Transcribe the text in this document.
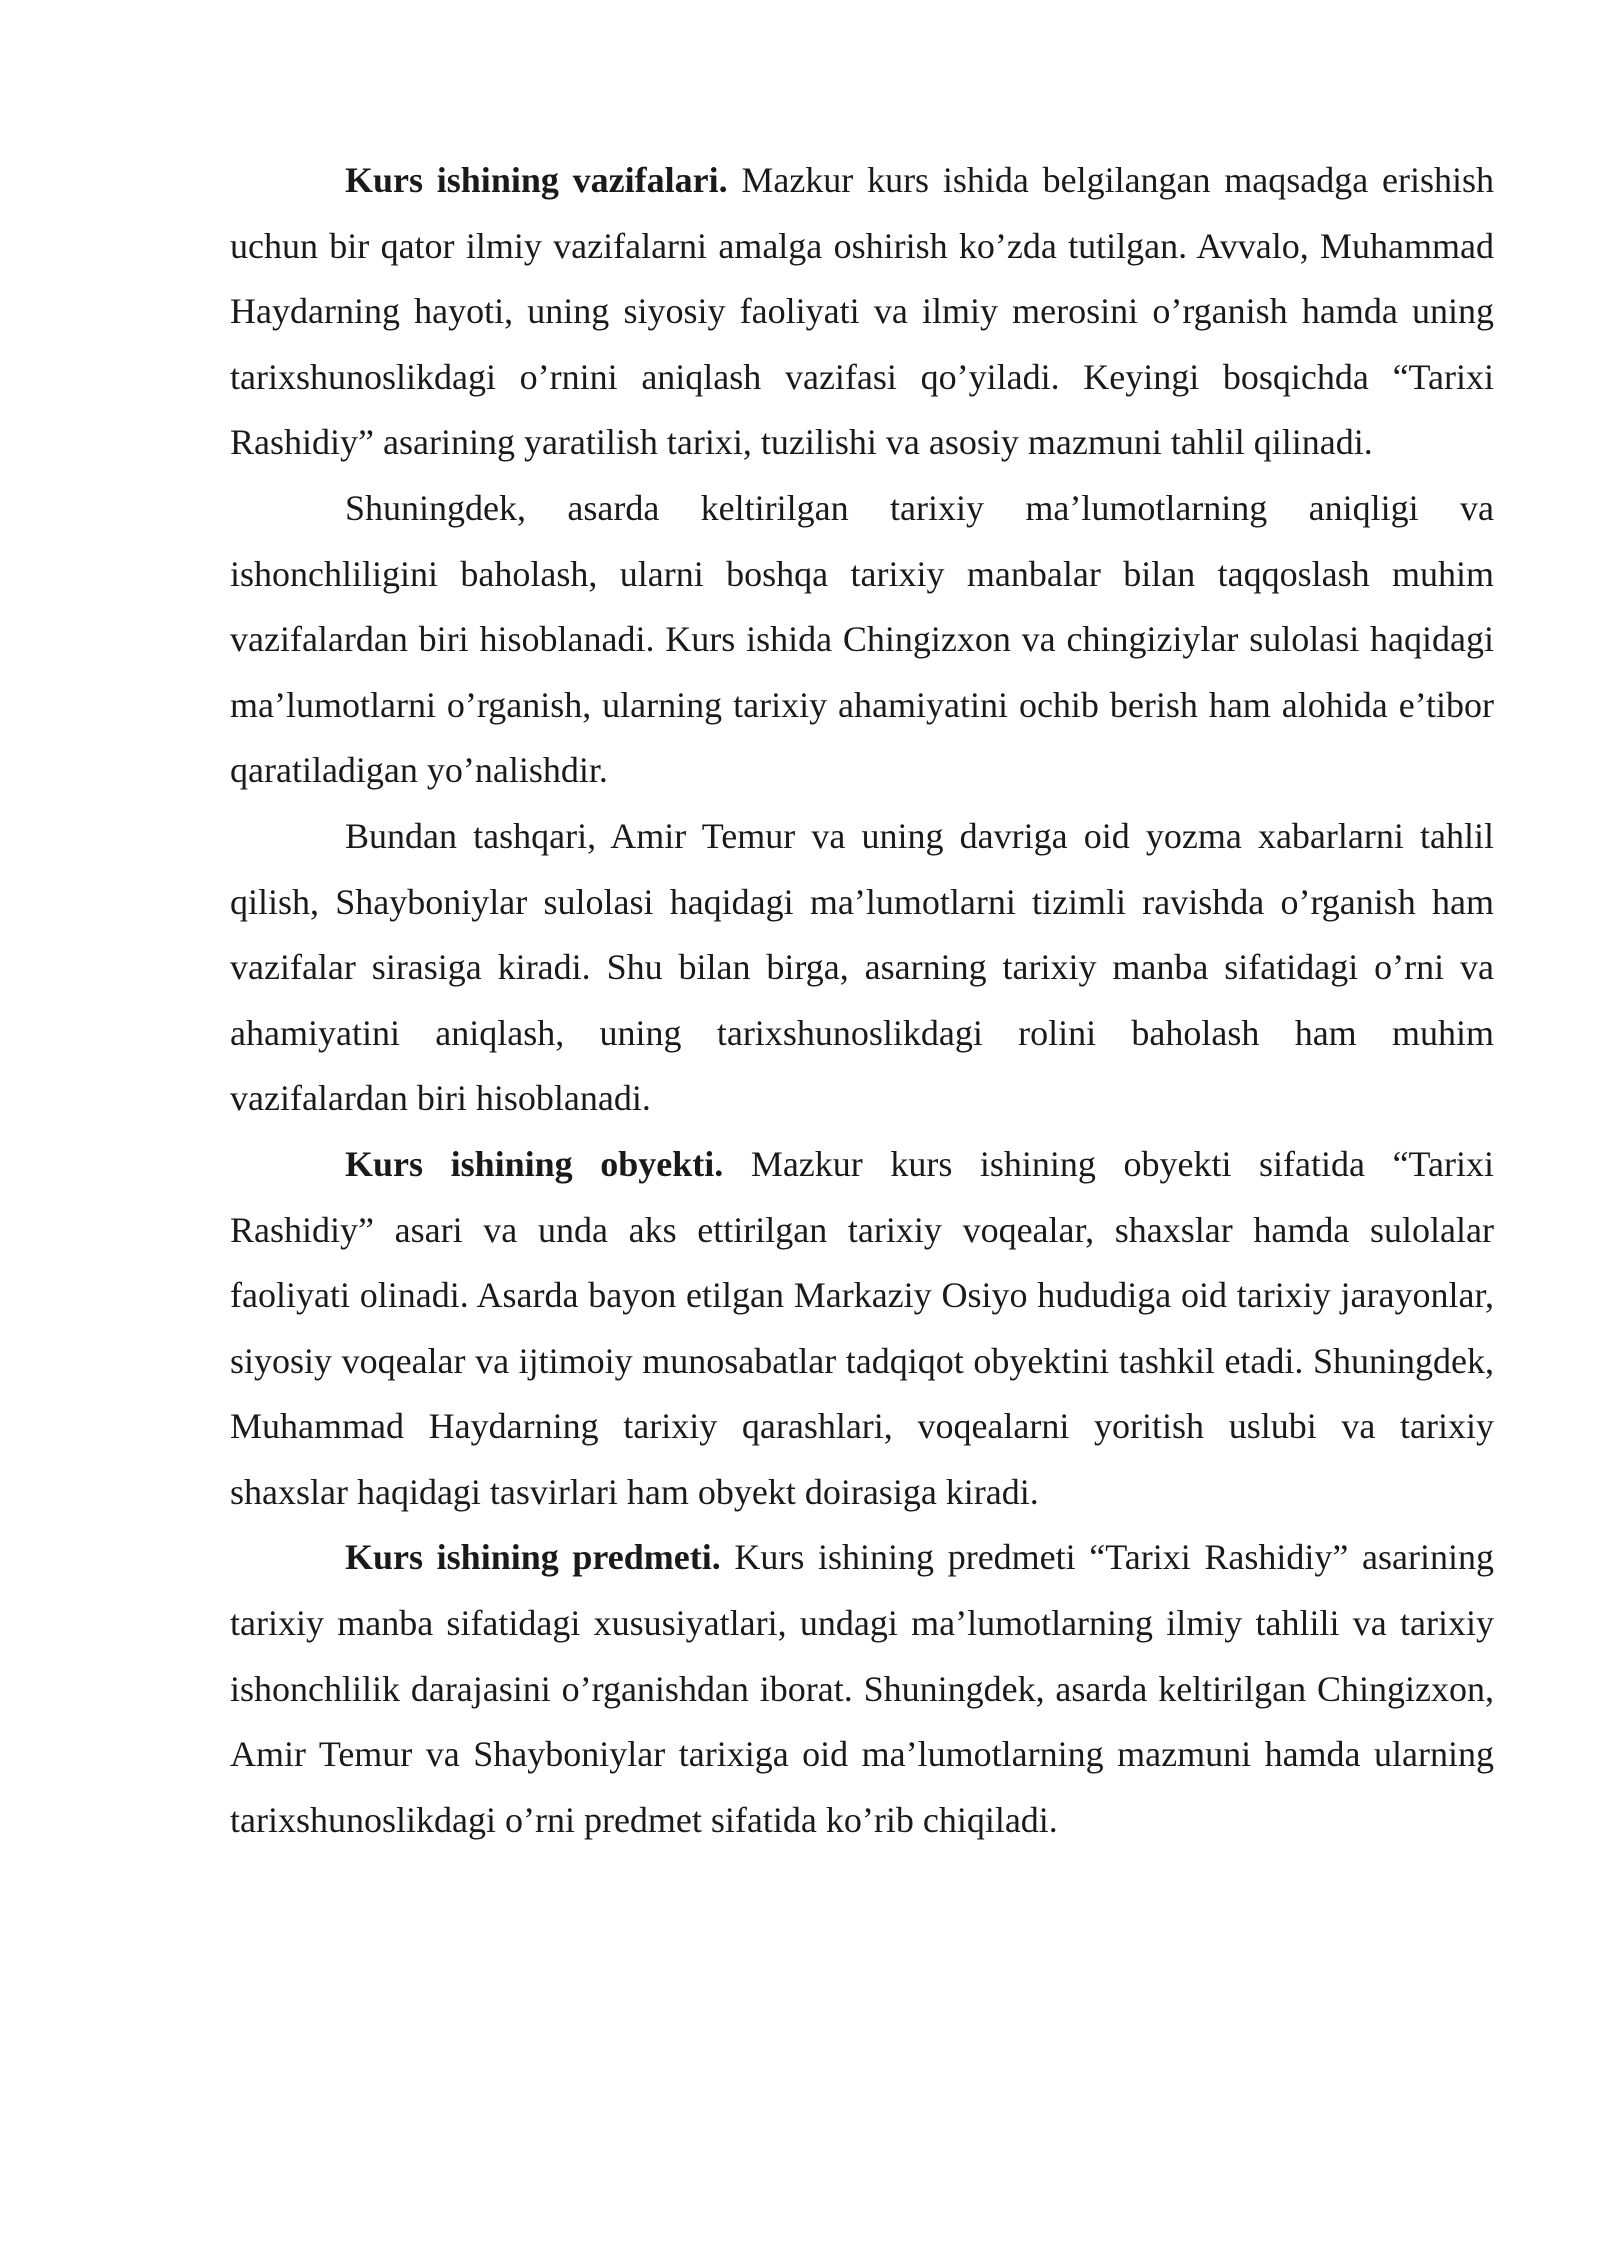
Kurs ishining vazifalari. Mazkur kurs ishida belgilangan maqsadga erishish uchun bir qator ilmiy vazifalarni amalga oshirish ko’zda tutilgan. Avvalo, Muhammad Haydarning hayoti, uning siyosiy faoliyati va ilmiy merosini o’rganish hamda uning tarixshunoslikdagi o’rnini aniqlash vazifasi qo’yiladi. Keyingi bosqichda “Tarixi Rashidiy” asarining yaratilish tarixi, tuzilishi va asosiy mazmuni tahlil qilinadi.

Shuningdek, asarda keltirilgan tarixiy ma’lumotlarning aniqligi va ishonchliligini baholash, ularni boshqa tarixiy manbalar bilan taqqoslash muhim vazifalardan biri hisoblanadi. Kurs ishida Chingizxon va chingiziylar sulolasi haqidagi ma’lumotlarni o’rganish, ularning tarixiy ahamiyatini ochib berish ham alohida e’tibor qaratiladigan yo’nalishdir.

Bundan tashqari, Amir Temur va uning davriga oid yozma xabarlarni tahlil qilish, Shayboniylar sulolasi haqidagi ma’lumotlarni tizimli ravishda o’rganish ham vazifalar sirasiga kiradi. Shu bilan birga, asarning tarixiy manba sifatidagi o’rni va ahamiyatini aniqlash, uning tarixshunoslikdagi rolini baholash ham muhim vazifalardan biri hisoblanadi.

Kurs ishining obyekti. Mazkur kurs ishining obyekti sifatida “Tarixi Rashidiy” asari va unda aks ettirilgan tarixiy voqealar, shaxslar hamda sulolalar faoliyati olinadi. Asarda bayon etilgan Markaziy Osiyo hududiga oid tarixiy jarayonlar, siyosiy voqealar va ijtimoiy munosabatlar tadqiqot obyektini tashkil etadi. Shuningdek, Muhammad Haydarning tarixiy qarashlari, voqealarni yoritish uslubi va tarixiy shaxslar haqidagi tasvirlari ham obyekt doirasiga kiradi.

Kurs ishining predmeti. Kurs ishining predmeti “Tarixi Rashidiy” asarining tarixiy manba sifatidagi xususiyatlari, undagi ma’lumotlarning ilmiy tahlili va tarixiy ishonchlilik darajasini o’rganishdan iborat. Shuningdek, asarda keltirilgan Chingizxon, Amir Temur va Shayboniylar tarixiga oid ma’lumotlarning mazmuni hamda ularning tarixshunoslikdagi o’rni predmet sifatida ko’rib chiqiladi.
